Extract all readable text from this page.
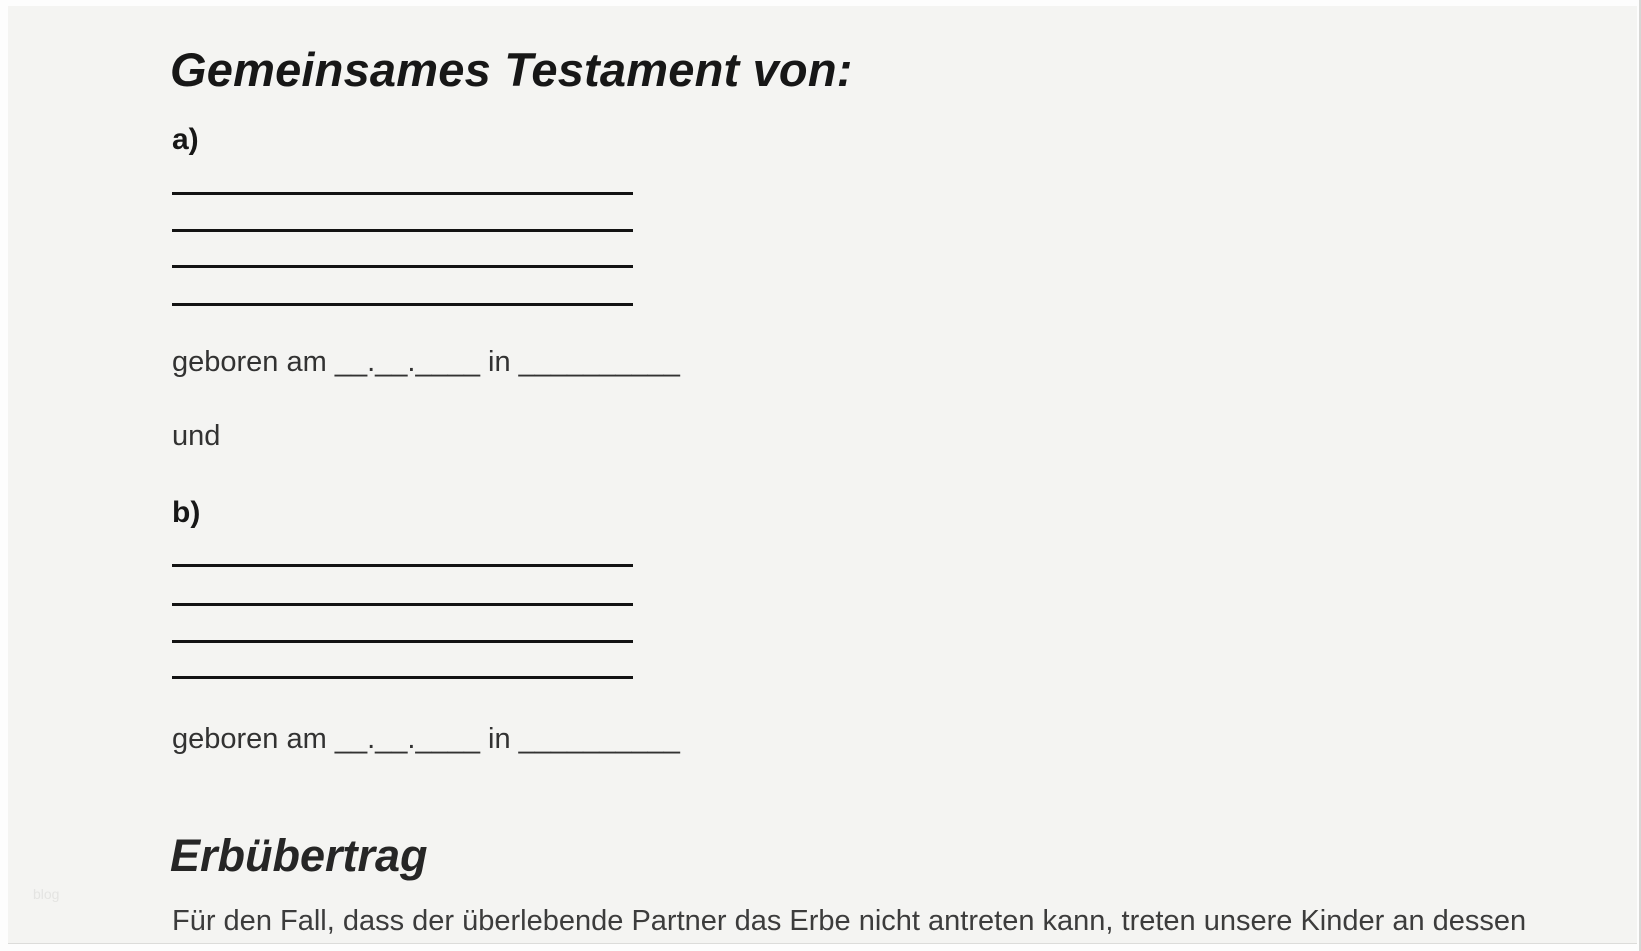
blog
Gemeinsames Testament von:
a)
geboren am __.__.____ in __________
und
b)
geboren am __.__.____ in __________
Erbübertrag
Für den Fall, dass der überlebende Partner das Erbe nicht antreten kann, treten unsere Kinder an dessen
